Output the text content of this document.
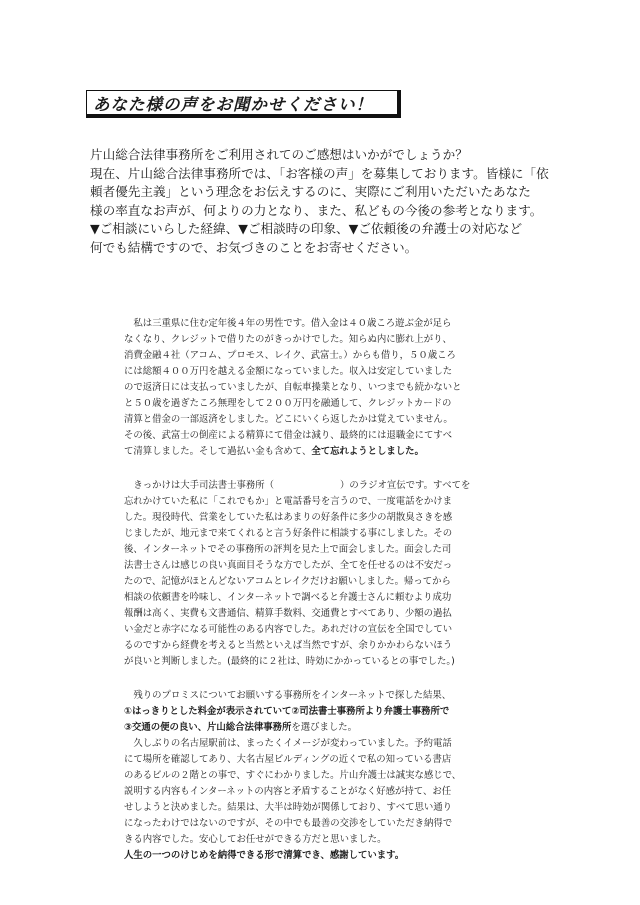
あなた様の声をお聞かせください！

片山総合法律事務所をご利用されてのご感想はいかがでしょうか？

現在、片山総合法律事務所では、「お客様の声」を募集しております。皆様に「依

頼者優先主義」という理念をお伝えするのに、実際にご利用いただいたあなた

様の率直なお声が、何よりの力となり、また、私どもの今後の参考となります。

▼ご相談にいらした経緯、▼ご相談時の印象、▼ご依頼後の弁護士の対応など

何でも結構ですので、お気づきのことをお寄せください。

　私は三重県に住む定年後４年の男性です。借入金は４０歳ころ遊ぶ金が足ら

なくなり、クレジットで借りたのがきっかけでした。知らぬ内に膨れ上がり、

消費金融４社（アコム、プロモス、レイク、武富士。）からも借り，５０歳ころ

には総額４００万円を越える金額になっていました。収入は安定していました

ので返済日には支払っていましたが、自転車操業となり、いつまでも続かないと

と５０歳を過ぎたころ無理をして２００万円を融通して、クレジットカードの

清算と借金の一部返済をしました。どこにいくら返したかは覚えていません。

その後、武富士の倒産による精算にて借金は減り、最終的には退職金にてすべ

て清算しました。そして過払い金も含めて、全て忘れようとしました。

　きっかけは大手司法書士事務所（	）のラジオ宣伝です。すべてを

忘れかけていた私に「これでもか」と電話番号を言うので、一度電話をかけま

した。現役時代、営業をしていた私はあまりの好条件に多少の胡散臭さきを感

じましたが、地元まで来てくれると言う好条件に相談する事にしました。その

後、インターネットでその事務所の評判を見た上で面会しました。面会した司

法書士さんは感じの良い真面目そうな方でしたが、全てを任せるのは不安だっ

たので、記憶がほとんどないアコムとレイクだけお願いしました。帰ってから

相談の依頼書を吟味し、インターネットで調べると弁護士さんに頼むより成功

報酬は高く、実費も文書通信、精算手数料、交通費とすべてあり、少額の過払

い金だと赤字になる可能性のある内容でした。あれだけの宣伝を全国でしてい

るのですから経費を考えると当然といえば当然ですが、余りかかわらないほう

が良いと判断しました。(最終的に２社は、時効にかかっているとの事でした。)

　残りのプロミスについてお願いする事務所をインターネットで探した結果、

①はっきりとした料金が表示されていて②司法書士事務所より弁護士事務所で

③交通の便の良い、片山総合法律事務所を選びました。

　久しぶりの名古屋駅前は、まったくイメージが変わっていました。予約電話

にて場所を確認してあり、大名古屋ビルディングの近くで私の知っている書店

のあるビルの２階との事で、すぐにわかりました。片山弁護士は誠実な感じで、

説明する内容もインターネットの内容と矛盾することがなく好感が持て、お任

せしようと決めました。結果は、大半は時効が関係しており、すべて思い通り

になったわけではないのですが、その中でも最善の交渉をしていただき納得で

きる内容でした。安心してお任せができる方だと思いました。

人生の一つのけじめを納得できる形で清算でき、感謝しています。
